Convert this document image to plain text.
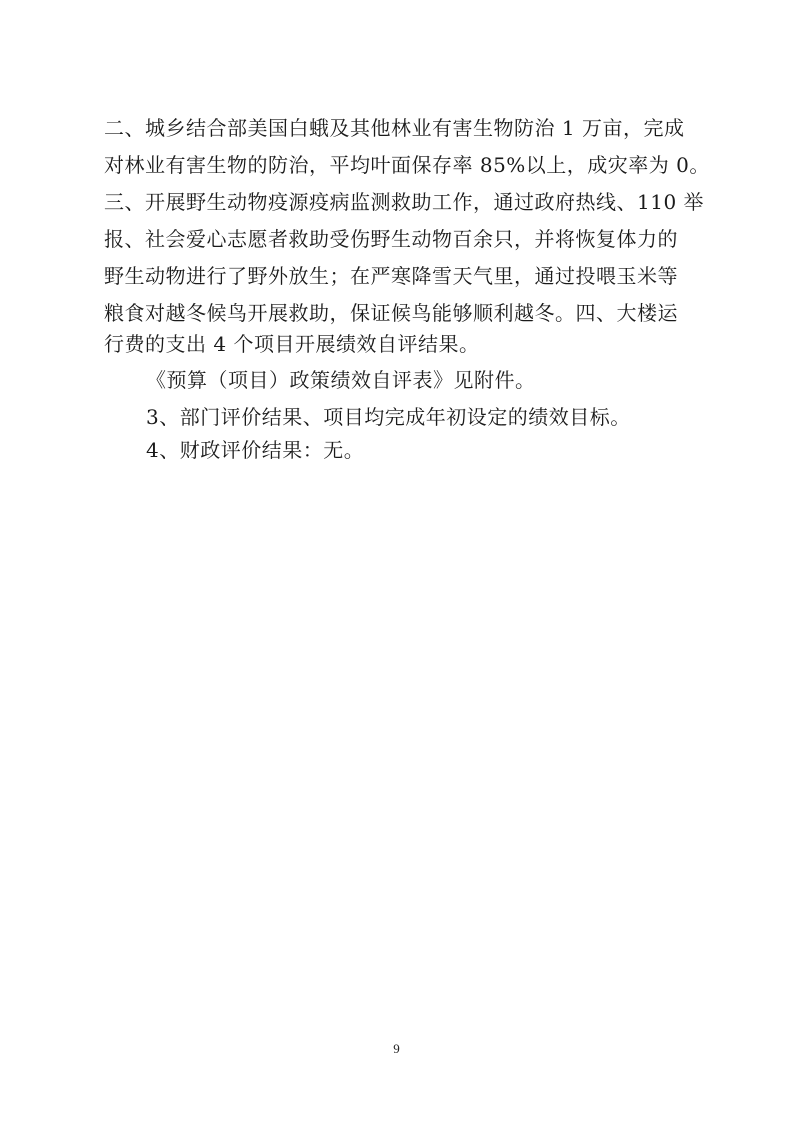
二、城乡结合部美国白蛾及其他林业有害生物防治 1 万亩，完成
对林业有害生物的防治，平均叶面保存率 85%以上，成灾率为 0。
三、开展野生动物疫源疫病监测救助工作，通过政府热线、110 举
报、社会爱心志愿者救助受伤野生动物百余只，并将恢复体力的
野生动物进行了野外放生；在严寒降雪天气里，通过投喂玉米等
粮食对越冬候鸟开展救助，保证候鸟能够顺利越冬。四、大楼运
行费的支出 4 个项目开展绩效自评结果。
《预算（项目）政策绩效自评表》见附件。
3、部门评价结果、项目均完成年初设定的绩效目标。
4、财政评价结果：无。
9
